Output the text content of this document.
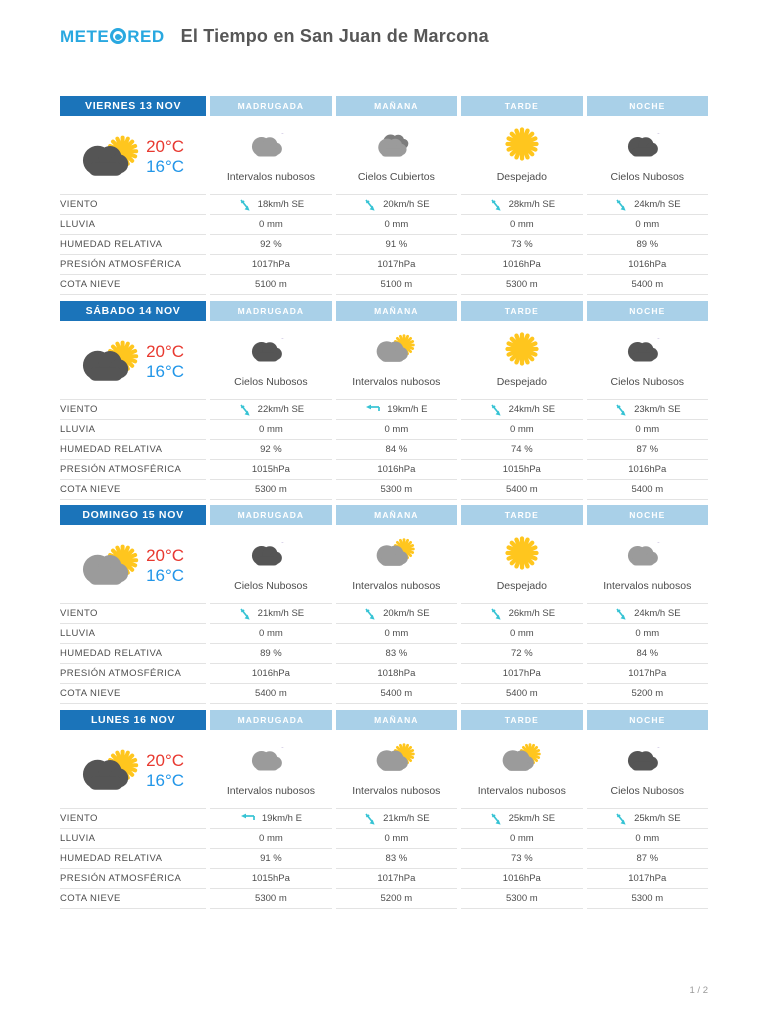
METE RED El Tiempo en San Juan de Marcona
VIERNES 13 NOV	MADRUGADA	MAÑANA	TARDE	NOCHE
20°C
16°C
Intervalos nubosos	Cielos Cubiertos	Despejado	Cielos Nubosos
VIENTO	18km/h SE	20km/h SE	28km/h SE	24km/h SE
LLUVIA	0 mm	0 mm	0 mm	0 mm
HUMEDAD RELATIVA	92 %	91 %	73 %	89 %
PRESIÓN ATMOSFÉRICA	1017hPa	1017hPa	1016hPa	1016hPa
COTA NIEVE	5100 m	5100 m	5300 m	5400 m
SÁBADO 14 NOV	MADRUGADA	MAÑANA	TARDE	NOCHE
20°C
16°C
Cielos Nubosos	Intervalos nubosos	Despejado	Cielos Nubosos
VIENTO	22km/h SE	19km/h E	24km/h SE	23km/h SE
LLUVIA	0 mm	0 mm	0 mm	0 mm
HUMEDAD RELATIVA	92 %	84 %	74 %	87 %
PRESIÓN ATMOSFÉRICA	1015hPa	1016hPa	1015hPa	1016hPa
COTA NIEVE	5300 m	5300 m	5400 m	5400 m
DOMINGO 15 NOV	MADRUGADA	MAÑANA	TARDE	NOCHE
20°C
16°C
Cielos Nubosos	Intervalos nubosos	Despejado	Intervalos nubosos
VIENTO	21km/h SE	20km/h SE	26km/h SE	24km/h SE
LLUVIA	0 mm	0 mm	0 mm	0 mm
HUMEDAD RELATIVA	89 %	83 %	72 %	84 %
PRESIÓN ATMOSFÉRICA	1016hPa	1018hPa	1017hPa	1017hPa
COTA NIEVE	5400 m	5400 m	5400 m	5200 m
LUNES 16 NOV	MADRUGADA	MAÑANA	TARDE	NOCHE
20°C
16°C
Intervalos nubosos	Intervalos nubosos	Intervalos nubosos	Cielos Nubosos
VIENTO	19km/h E	21km/h SE	25km/h SE	25km/h SE
LLUVIA	0 mm	0 mm	0 mm	0 mm
HUMEDAD RELATIVA	91 %	83 %	73 %	87 %
PRESIÓN ATMOSFÉRICA	1015hPa	1017hPa	1016hPa	1017hPa
COTA NIEVE	5300 m	5200 m	5300 m	5300 m
1 / 2
